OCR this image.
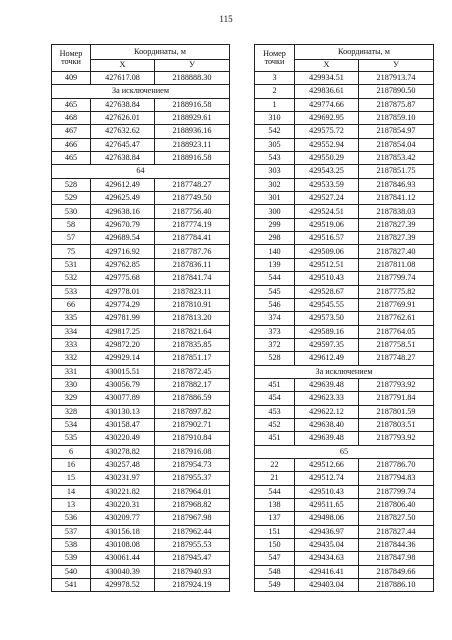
115
Номер
точки	Координаты, м	
	Х	У
409	427617.08	2188888.30
За исключением		
465	427638.84	2188916.58
468	427626.01	2188929.61
467	427632.62	2188936.16
466	427645.47	2188923.11
465	427638.84	2188916.58
64		
528	429612.49	2187748.27
529	429625.49	2187749.50
530	429638.16	2187756.40
58	429670.79	2187774.19
57	429689.54	2187784.41
75	429716.92	2187787.76
531	429762.85	2187836.11
532	429775.68	2187841.74
533	429778.01	2187823.11
66	429774.29	2187810.91
335	429781.99	2187813.20
334	429817.25	2187821.64
333	429872.20	2187835.85
332	429929.14	2187851.17
331	430015.51	2187872.45
330	430056.79	2187882.17
329	430077.89	2187886.59
328	430130.13	2187897.82
534	430158.47	2187902.71
535	430220.49	2187910.84
6	430278.82	2187916.08
16	430257.48	2187954.73
15	430231.97	2187955.37
14	430221.82	2187964.01
13	430220.31	2187968.82
536	430209.77	2187967.98
537	430156.18	2187962.44
538	430108.08	2187955.53
539	430061.44	2187945.47
540	430040.39	2187940.93
541	429978.52	2187924.19
Номер
точки	Координаты, м	
	Х	У
3	429934.51	2187913.74
2	429836.61	2187890.50
1	429774.66	2187875.87
310	429692.95	2187859.10
542	429575.72	2187854.97
305	429552.94	2187854.04
543	429550.29	2187853.42
303	429543.25	2187851.75
302	429533.59	2187846.93
301	429527.24	2187841.12
300	429524.51	2187838.03
299	429519.06	2187827.39
298	429516.57	2187827.39
140	429509.06	2187827.40
139	429512.51	2187811.08
544	429510.43	2187799.74
545	429528.67	2187775.82
546	429545.55	2187769.91
374	429573.50	2187762.61
373	429589.16	2187764.05
372	429597.35	2187758.51
528	429612.49	2187748.27
За исключением		
451	429639.48	2187793.92
454	429623.33	2187791.84
453	429622.12	2187801.59
452	429638.40	2187803.51
451	429639.48	2187793.92
65		
22	429512.66	2187786.70
21	429512.74	2187794.83
544	429510.43	2187799.74
138	429511.65	2187806.40
137	429498.06	2187827.50
151	429436.97	2187827.44
150	429435.04	2187844.36
547	429434.63	2187847.98
548	429416.41	2187849.66
549	429403.04	2187886.10
